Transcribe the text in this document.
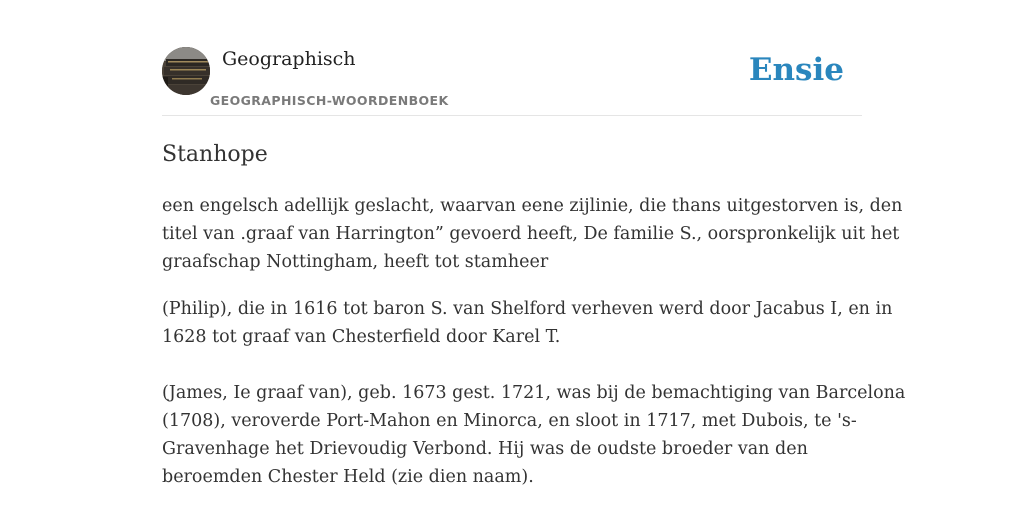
Geographisch
GEOGRAPHISCH-WOORDENBOEK
Ensie
Stanhope

een engelsch adellijk geslacht, waarvan eene zijlinie, die thans uitgestorven is, den

titel van .graaf van Harrington” gevoerd heeft, De familie S., oorspronkelijk uit het

graafschap Nottingham, heeft tot stamheer

(Philip), die in 1616 tot baron S. van Shelford verheven werd door Jacabus I, en in

1628 tot graaf van Chesterfield door Karel T.

(James, Ie graaf van), geb. 1673 gest. 1721, was bij de bemachtiging van Barcelona

(1708), veroverde Port-Mahon en Minorca, en sloot in 1717, met Dubois, te 's-

Gravenhage het Drievoudig Verbond. Hij was de oudste broeder van den

beroemden Chester Held (zie dien naam).
